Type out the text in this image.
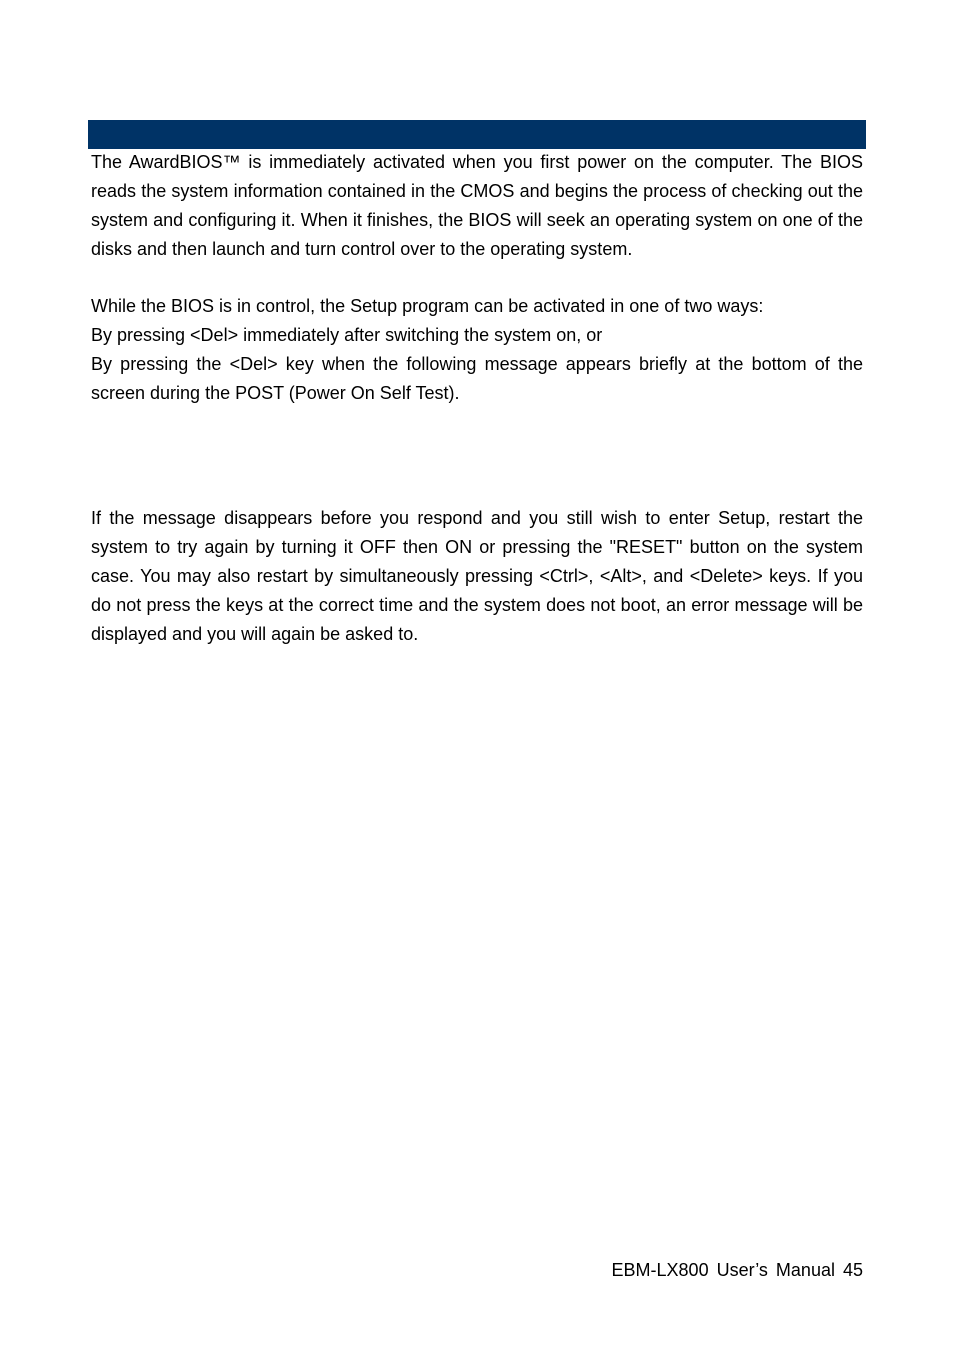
The AwardBIOS™ is immediately activated when you first power on the computer. The BIOS reads the system information contained in the CMOS and begins the process of checking out the system and configuring it. When it finishes, the BIOS will seek an operating system on one of the disks and then launch and turn control over to the operating system.

While the BIOS is in control, the Setup program can be activated in one of two ways:

By pressing <Del> immediately after switching the system on, or

By pressing the <Del> key when the following message appears briefly at the bottom of the screen during the POST (Power On Self Test).

If the message disappears before you respond and you still wish to enter Setup, restart the system to try again by turning it OFF then ON or pressing the "RESET" button on the system case. You may also restart by simultaneously pressing <Ctrl>, <Alt>, and <Delete> keys. If you do not press the keys at the correct time and the system does not boot, an error message will be displayed and you will again be asked to.

EBM-LX800 User’s Manual 45
